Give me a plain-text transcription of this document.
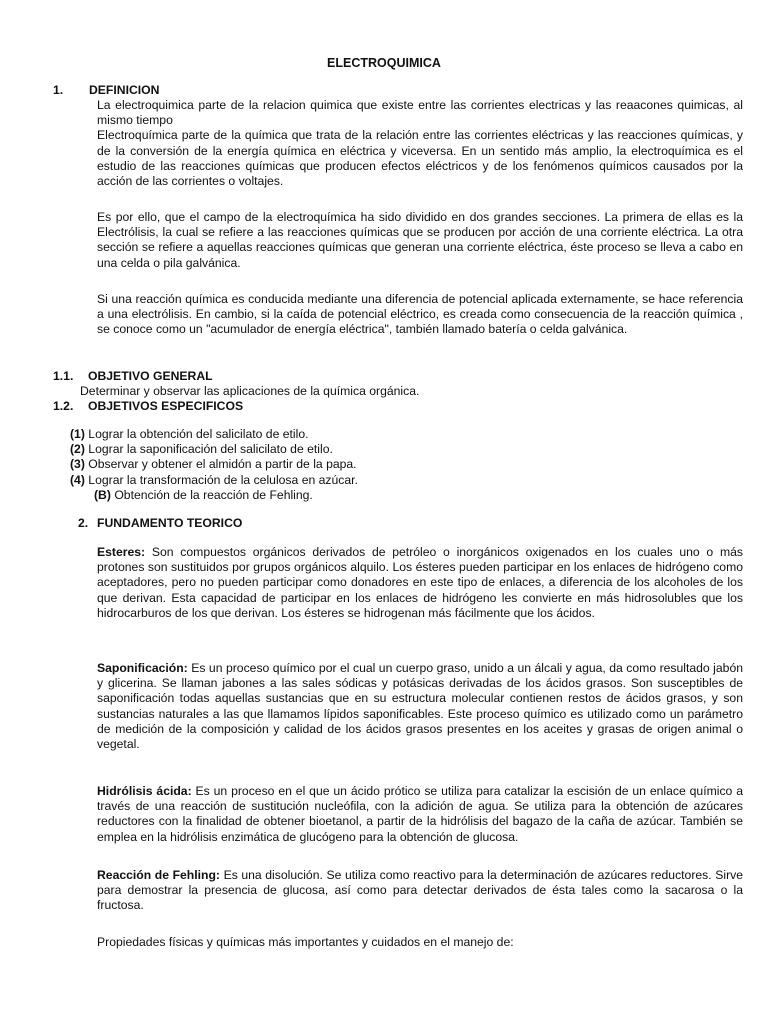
ELECTROQUIMICA
1. DEFINICION

La electroquimica parte de la relacion quimica que existe entre las corrientes electricas y las reaacones quimicas, al mismo tiempo

Electroquímica parte de la química que trata de la relación entre las corrientes eléctricas y las reacciones químicas, y de la conversión de la energía química en eléctrica y viceversa. En un sentido más amplio, la electroquímica es el estudio de las reacciones químicas que producen efectos eléctricos y de los fenómenos químicos causados por la acción de las corrientes o voltajes.

Es por ello, que el campo de la electroquímica ha sido dividido en dos grandes secciones. La primera de ellas es la Electrólisis, la cual se refiere a las reacciones químicas que se producen por acción de una corriente eléctrica. La otra sección se refiere a aquellas reacciones químicas que generan una corriente eléctrica, éste proceso se lleva a cabo en una celda o pila galvánica.
Si una reacción química es conducida mediante una diferencia de potencial aplicada externamente, se hace referencia a una electrólisis. En cambio, si la caída de potencial eléctrico, es creada como consecuencia de la reacción química , se conoce como un "acumulador de energía eléctrica", también llamado batería o celda galvánica.
1.1. OBJETIVO GENERAL
Determinar y observar las aplicaciones de la química orgánica.
1.2. OBJETIVOS ESPECIFICOS
(1) Lograr la obtención del salicilato de etilo.
(2) Lograr la saponificación del salicilato de etilo.
(3) Observar y obtener el almidón a partir de la papa.
(4) Lograr la transformación de la celulosa en azúcar.
(B) Obtención de la reacción de Fehling.
2. FUNDAMENTO TEORICO
Esteres: Son compuestos orgánicos derivados de petróleo o inorgánicos oxigenados en los cuales uno o más protones son sustituidos por grupos orgánicos alquilo. Los ésteres pueden participar en los enlaces de hidrógeno como aceptadores, pero no pueden participar como donadores en este tipo de enlaces, a diferencia de los alcoholes de los que derivan. Esta capacidad de participar en los enlaces de hidrógeno les convierte en más hidrosolubles que los hidrocarburos de los que derivan. Los ésteres se hidrogenan más fácilmente que los ácidos.
Saponificación: Es un proceso químico por el cual un cuerpo graso, unido a un álcali y agua, da como resultado jabón y glicerina. Se llaman jabones a las sales sódicas y potásicas derivadas de los ácidos grasos. Son susceptibles de saponificación todas aquellas sustancias que en su estructura molecular contienen restos de ácidos grasos, y son sustancias naturales a las que llamamos lípidos saponificables. Este proceso químico es utilizado como un parámetro de medición de la composición y calidad de los ácidos grasos presentes en los aceites y grasas de origen animal o vegetal.
Hidrólisis ácida: Es un proceso en el que un ácido prótico se utiliza para catalizar la escisión de un enlace químico a través de una reacción de sustitución nucleófila, con la adición de agua. Se utiliza para la obtención de azúcares reductores con la finalidad de obtener bioetanol, a partir de la hidrólisis del bagazo de la caña de azúcar. También se emplea en la hidrólisis enzimática de glucógeno para la obtención de glucosa.
Reacción de Fehling: Es una disolución. Se utiliza como reactivo para la determinación de azúcares reductores. Sirve para demostrar la presencia de glucosa, así como para detectar derivados de ésta tales como la sacarosa o la fructosa.
Propiedades físicas y químicas más importantes y cuidados en el manejo de:
